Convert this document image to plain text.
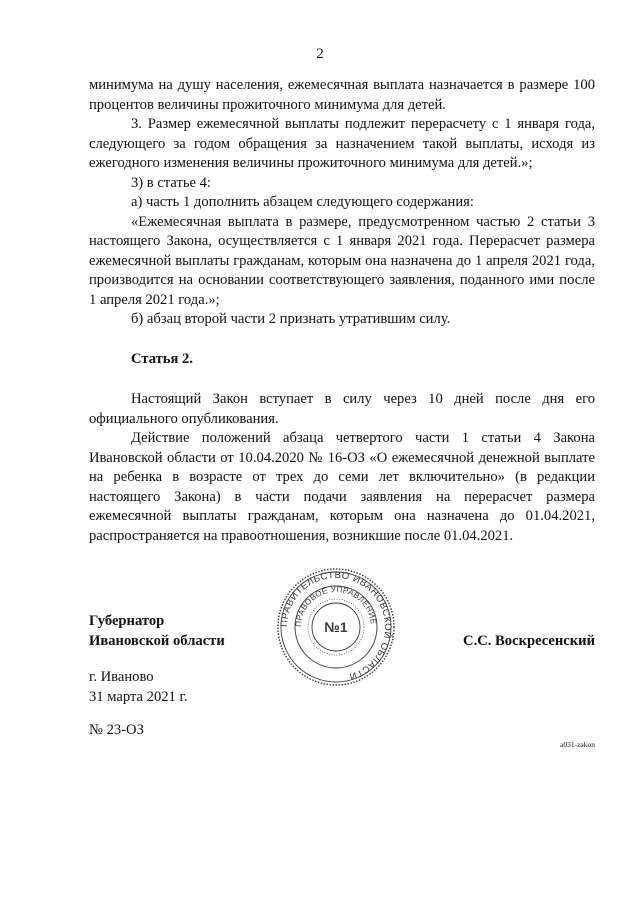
2

минимума на душу населения, ежемесячная выплата назначается в размере 100 процентов величины прожиточного минимума для детей.

3. Размер ежемесячной выплаты подлежит перерасчету с 1 января года, следующего за годом обращения за назначением такой выплаты, исходя из ежегодного изменения величины прожиточного минимума для детей.»;

3) в статье 4:

а) часть 1 дополнить абзацем следующего содержания:

«Ежемесячная выплата в размере, предусмотренном частью 2 статьи 3 настоящего Закона, осуществляется с 1 января 2021 года. Перерасчет размера ежемесячной выплаты гражданам, которым она назначена до 1 апреля 2021 года, производится на основании соответствующего заявления, поданного ими после 1 апреля 2021 года.»;

б) абзац второй части 2 признать утратившим силу.

Статья 2.

Настоящий Закон вступает в силу через 10 дней после дня его официального опубликования.

Действие положений абзаца четвертого части 1 статьи 4 Закона Ивановской области от 10.04.2020 № 16-ОЗ «О ежемесячной денежной выплате на ребенка в возрасте от трех до семи лет включительно» (в редакции настоящего Закона) в части подачи заявления на перерасчет размера ежемесячной выплаты гражданам, которым она назначена до 01.04.2021, распространяется на правоотношения, возникшие после 01.04.2021.

ПРАВИТЕЛЬСТВО ИВАНОВСКОЙ ОБЛАСТИ
ПРАВОВОЕ УПРАВЛЕНИЕ
№1
Губернатор
Ивановской области	С.С. Воскресенский
г. Иваново
31 марта 2021 г.
№ 23-ОЗ
a031-zakon
